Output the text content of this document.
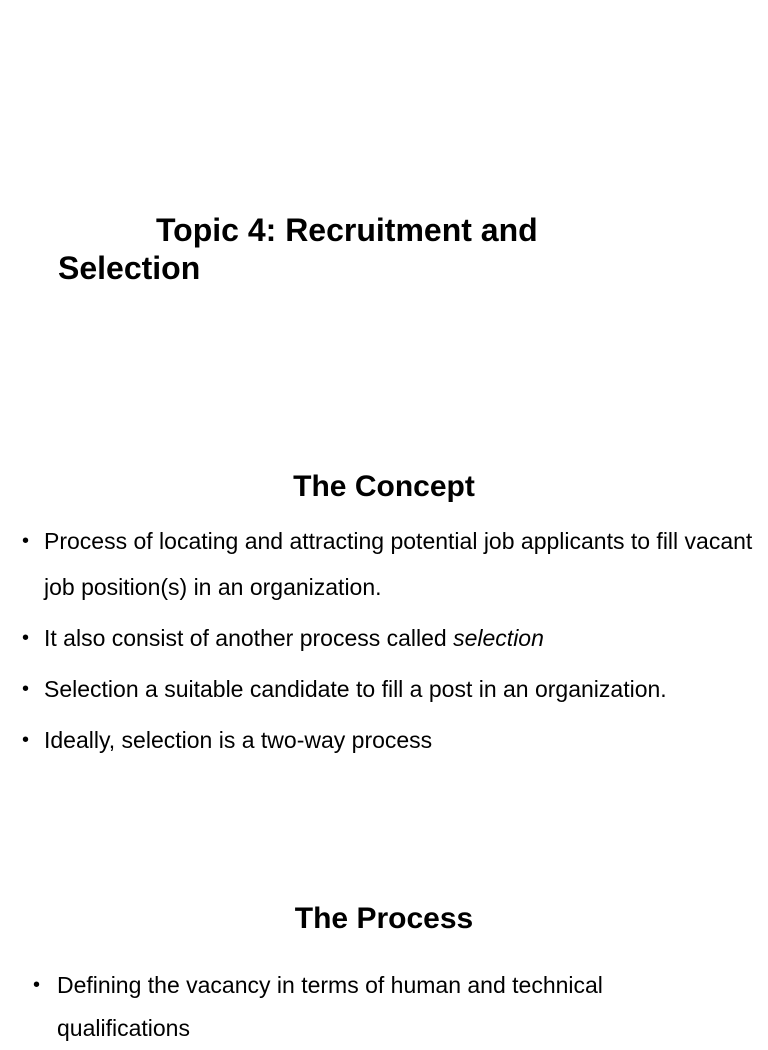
Topic 4: Recruitment and Selection
The Concept
• Process of locating and attracting potential job applicants to fill vacant job position(s) in an organization.
• It also consist of another process called selection
• Selection a suitable candidate to fill a post in an organization.
• Ideally, selection is a two-way process
The Process
• Defining the vacancy in terms of human and technical qualifications
